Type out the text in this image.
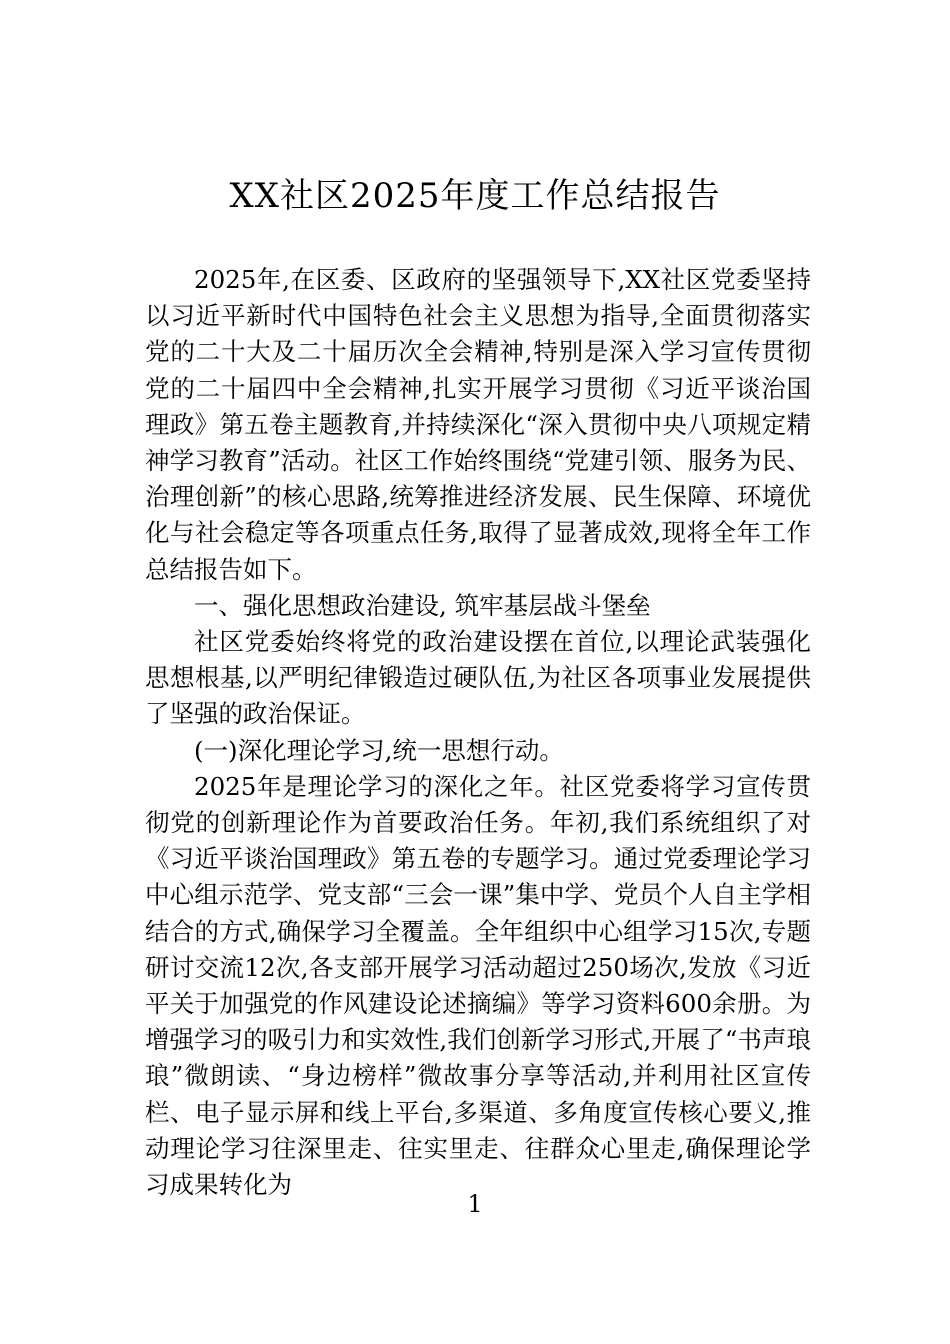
XX社区2025年度工作总结报告

2025年,在区委、区政府的坚强领导下,XX社区党委坚持以习近平新时代中国特色社会主义思想为指导,全面贯彻落实党的二十大及二十届历次全会精神,特别是深入学习宣传贯彻党的二十届四中全会精神,扎实开展学习贯彻《习近平谈治国理政》第五卷主题教育,并持续深化“深入贯彻中央八项规定精神学习教育”活动。社区工作始终围绕“党建引领、服务为民、治理创新”的核心思路,统筹推进经济发展、民生保障、环境优化与社会稳定等各项重点任务,取得了显著成效,现将全年工作总结报告如下。

一、强化思想政治建设, 筑牢基层战斗堡垒

社区党委始终将党的政治建设摆在首位,以理论武装强化思想根基,以严明纪律锻造过硬队伍,为社区各项事业发展提供了坚强的政治保证。

(一)深化理论学习,统一思想行动。

2025年是理论学习的深化之年。社区党委将学习宣传贯彻党的创新理论作为首要政治任务。年初,我们系统组织了对《习近平谈治国理政》第五卷的专题学习。通过党委理论学习中心组示范学、党支部“三会一课”集中学、党员个人自主学相结合的方式,确保学习全覆盖。全年组织中心组学习15次,专题研讨交流12次,各支部开展学习活动超过250场次,发放《习近平关于加强党的作风建设论述摘编》等学习资料600余册。为增强学习的吸引力和实效性,我们创新学习形式,开展了“书声琅琅”微朗读、“身边榜样”微故事分享等活动,并利用社区宣传栏、电子显示屏和线上平台,多渠道、多角度宣传核心要义,推动理论学习往深里走、往实里走、往群众心里走,确保理论学习成果转化为

1
